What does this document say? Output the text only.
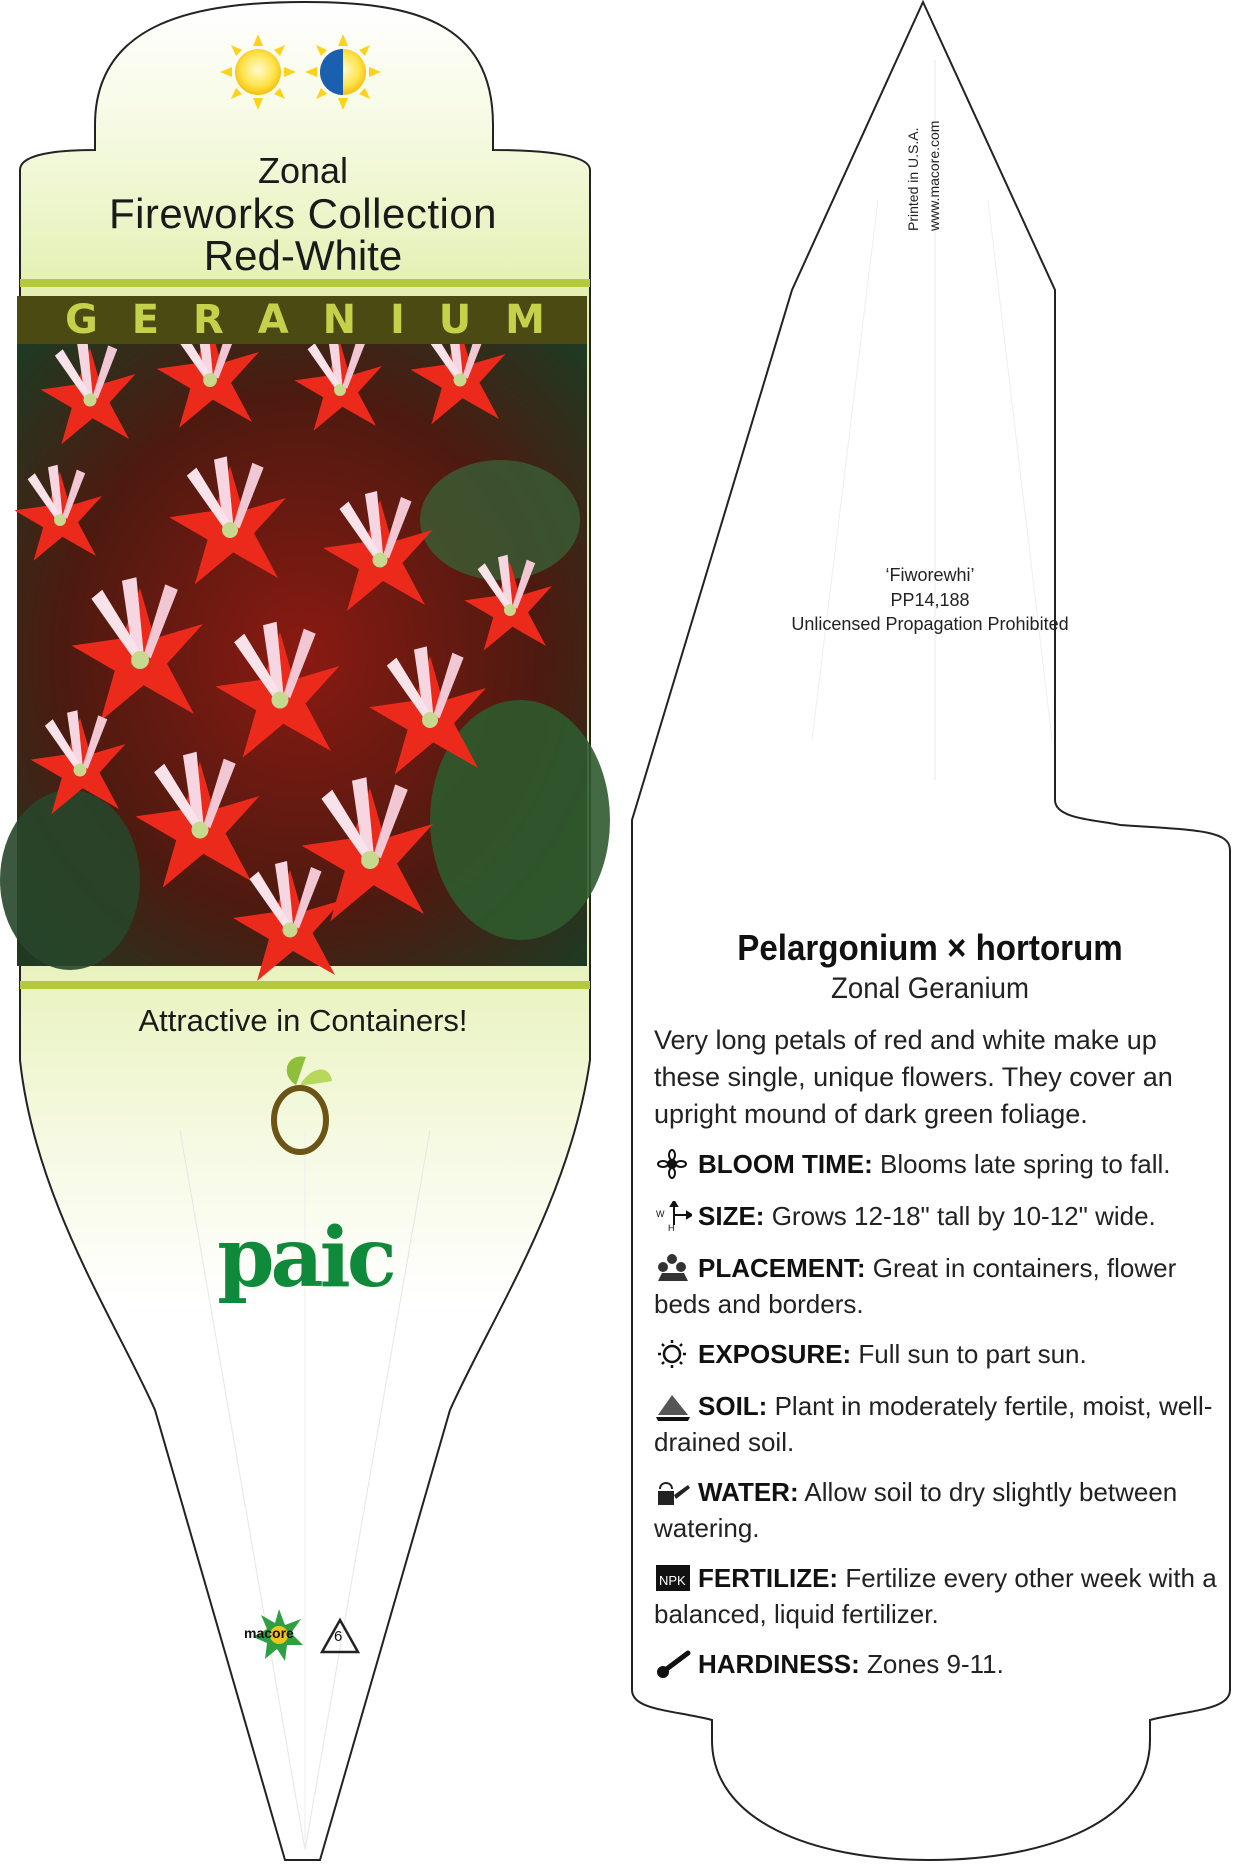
Zonal
Fireworks Collection
Red-White
G E R A N I U M
Attractive in Containers!
paic
macore	6
Printed in U.S.A. www.macore.com
‘Fiworewhi’
PP14,188
Unlicensed Propagation Prohibited
Pelargonium × hortorum
Zonal Geranium
Very long petals of red and white make up these single, unique flowers. They cover an upright mound of dark green foliage.
BLOOM TIME: Blooms late spring to fall.
W
H SIZE: Grows 12-18" tall by 10-12" wide.
PLACEMENT: Great in containers, flower beds and borders.
EXPOSURE: Full sun to part sun.
SOIL: Plant in moderately fertile, moist, well-drained soil.
WATER: Allow soil to dry slightly between watering.
NPK FERTILIZE: Fertilize every other week with a balanced, liquid fertilizer.
HARDINESS: Zones 9-11.
